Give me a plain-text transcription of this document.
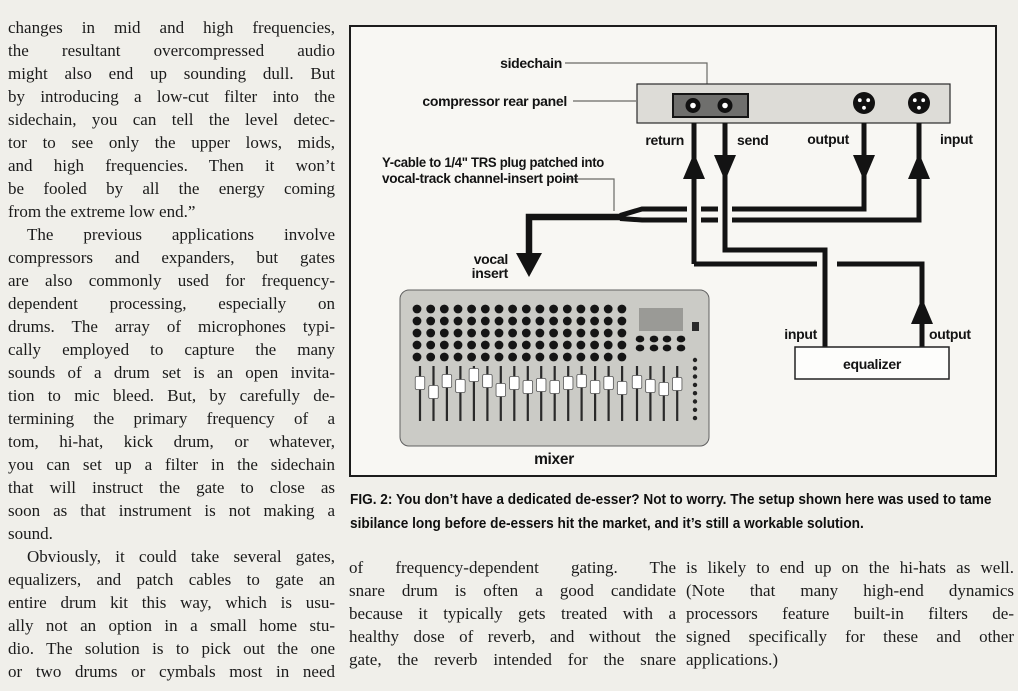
changes in mid and high frequencies,
the resultant overcompressed audio
might also end up sounding dull. But
by introducing a low-cut filter into the
sidechain, you can tell the level detec-
tor to see only the upper lows, mids,
and high frequencies. Then it won’t
be fooled by all the energy coming
from the extreme low end.”
The previous applications involve
compressors and expanders, but gates
are also commonly used for frequency-
dependent processing, especially on
drums. The array of microphones typi-
cally employed to capture the many
sounds of a drum set is an open invita-
tion to mic bleed. But, by carefully de-
termining the primary frequency of a
tom, hi-hat, kick drum, or whatever,
you can set up a filter in the sidechain
that will instruct the gate to close as
soon as that instrument is not making a
sound.
Obviously, it could take several gates,
equalizers, and patch cables to gate an
entire drum kit this way, which is usu-
ally not an option in a small home stu-
dio. The solution is to pick out the one
or two drums or cymbals most in need
sidechain
compressor rear panel
Y-cable to 1/4" TRS plug patched into
vocal-track channel-insert point
return	send	output	input
vocal
insert
input	output
equalizer
mixer
FIG. 2: You don’t have a dedicated de-esser? Not to worry. The setup shown here was used to tame
sibilance long before de-essers hit the market, and it’s still a workable solution.
of frequency-dependent gating. The
snare drum is often a good candidate
because it typically gets treated with a
healthy dose of reverb, and without the
gate, the reverb intended for the snare
is likely to end up on the hi-hats as well.
(Note that many high-end dynamics
processors feature built-in filters de-
signed specifically for these and other
applications.)
